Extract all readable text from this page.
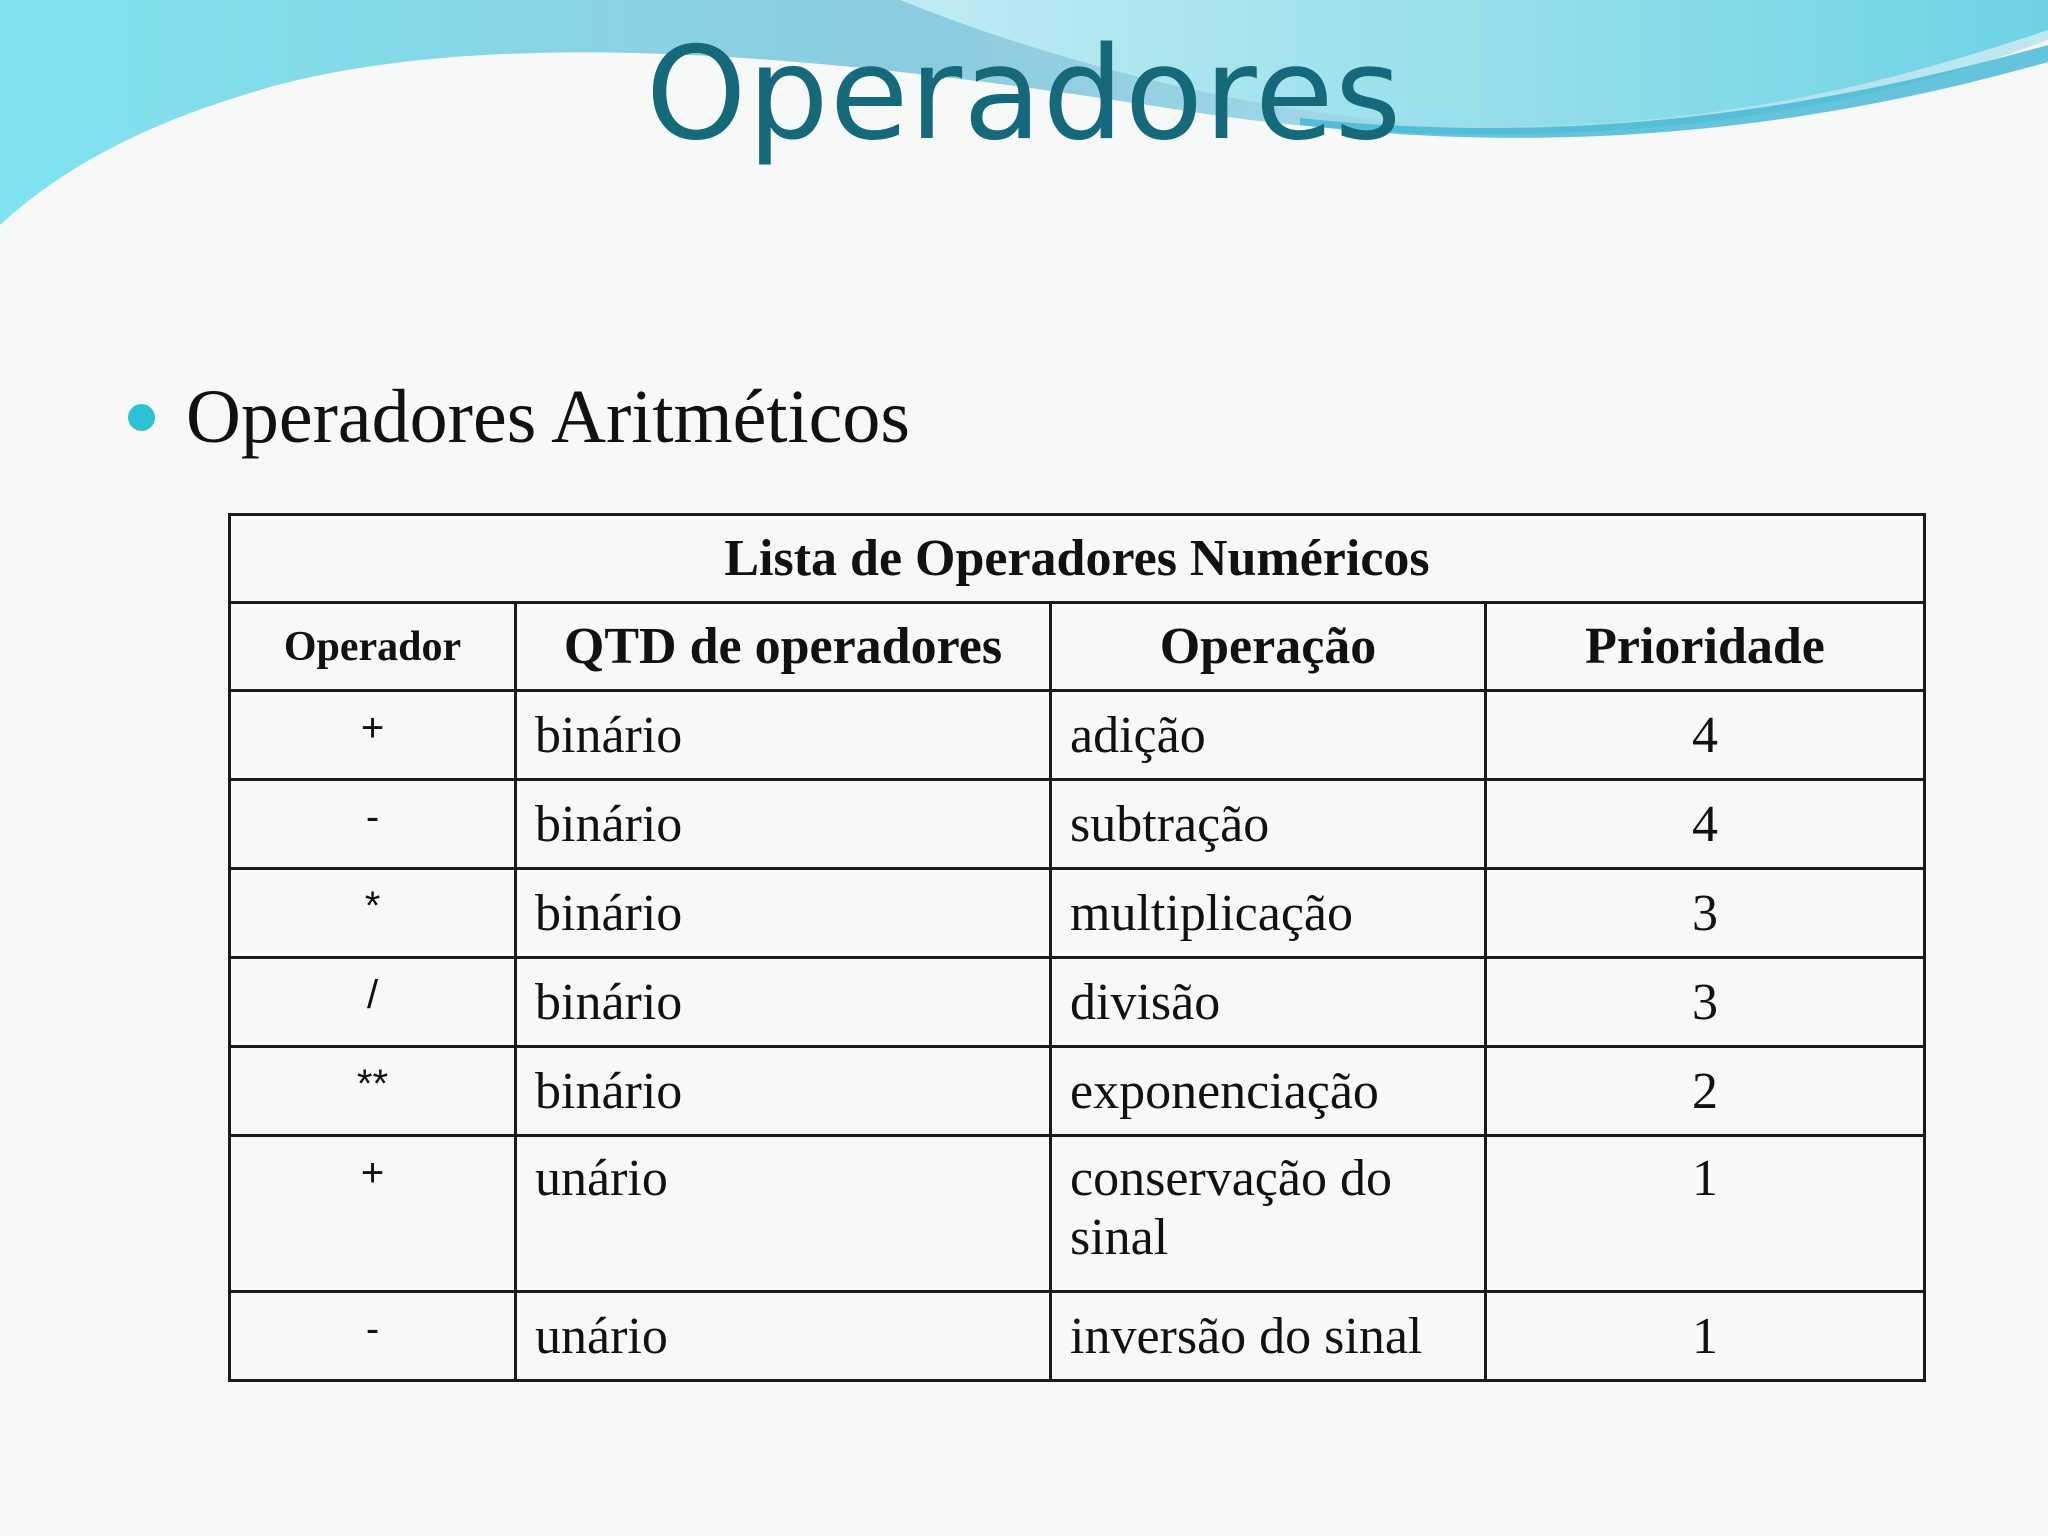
Operadores
Operadores Aritméticos
Lista de Operadores Numéricos			
Operador	QTD de operadores	Operação	Prioridade
+	binário	adição	4
-	binário	subtração	4
*	binário	multiplicação	3
/	binário	divisão	3
**	binário	exponenciação	2
+	unário	conservação do sinal	1
-	unário	inversão do sinal	1
